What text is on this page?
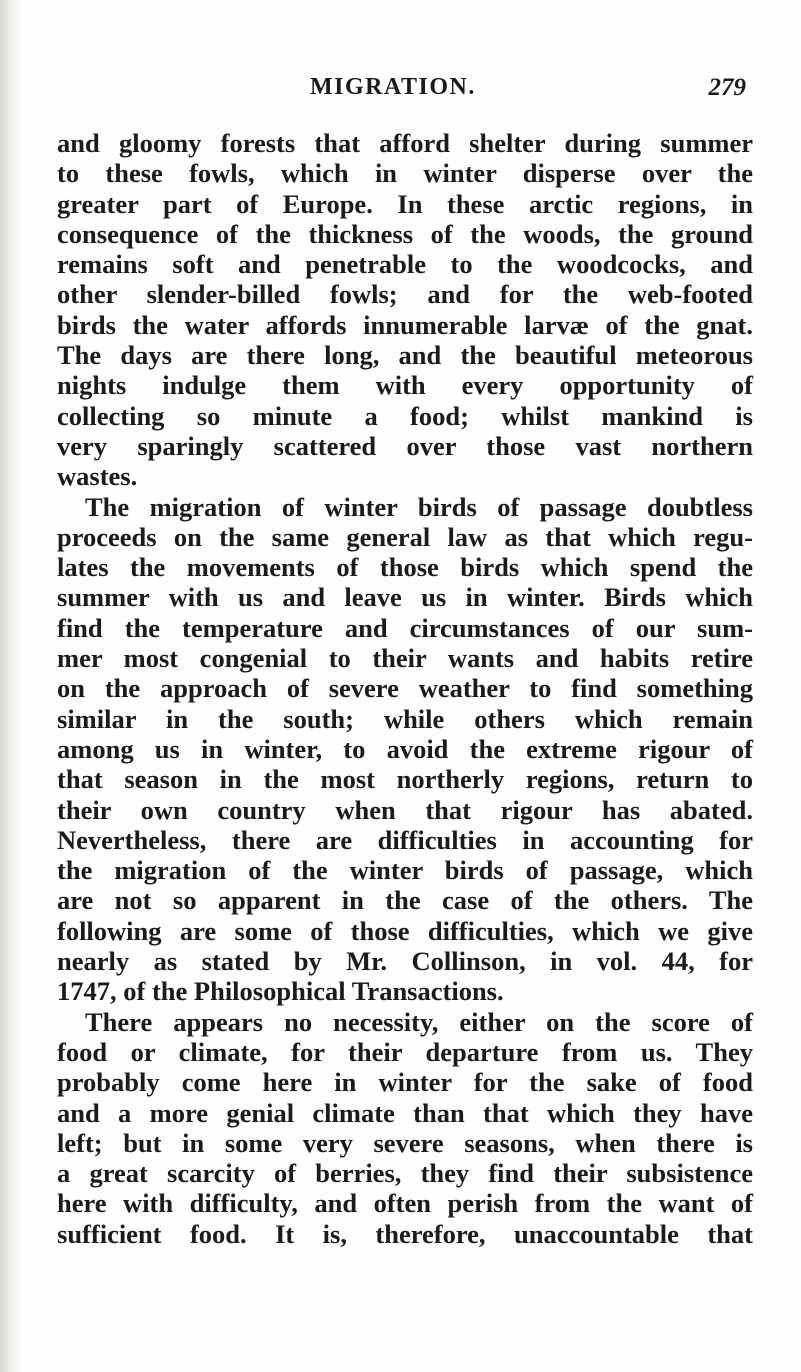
MIGRATION.	279
and gloomy forests that afford shelter during summer
to these fowls, which in winter disperse over the
greater part of Europe. In these arctic regions, in
consequence of the thickness of the woods, the ground
remains soft and penetrable to the woodcocks, and
other slender-billed fowls; and for the web-footed
birds the water affords innumerable larvæ of the gnat.
The days are there long, and the beautiful meteorous
nights indulge them with every opportunity of
collecting so minute a food; whilst mankind is
very sparingly scattered over those vast northern
wastes.
The migration of winter birds of passage doubtless
proceeds on the same general law as that which regu-
lates the movements of those birds which spend the
summer with us and leave us in winter. Birds which
find the temperature and circumstances of our sum-
mer most congenial to their wants and habits retire
on the approach of severe weather to find something
similar in the south; while others which remain
among us in winter, to avoid the extreme rigour of
that season in the most northerly regions, return to
their own country when that rigour has abated.
Nevertheless, there are difficulties in accounting for
the migration of the winter birds of passage, which
are not so apparent in the case of the others. The
following are some of those difficulties, which we give
nearly as stated by Mr. Collinson, in vol. 44, for
1747, of the Philosophical Transactions.
There appears no necessity, either on the score of
food or climate, for their departure from us. They
probably come here in winter for the sake of food
and a more genial climate than that which they have
left; but in some very severe seasons, when there is
a great scarcity of berries, they find their subsistence
here with difficulty, and often perish from the want of
sufficient food. It is, therefore, unaccountable that
